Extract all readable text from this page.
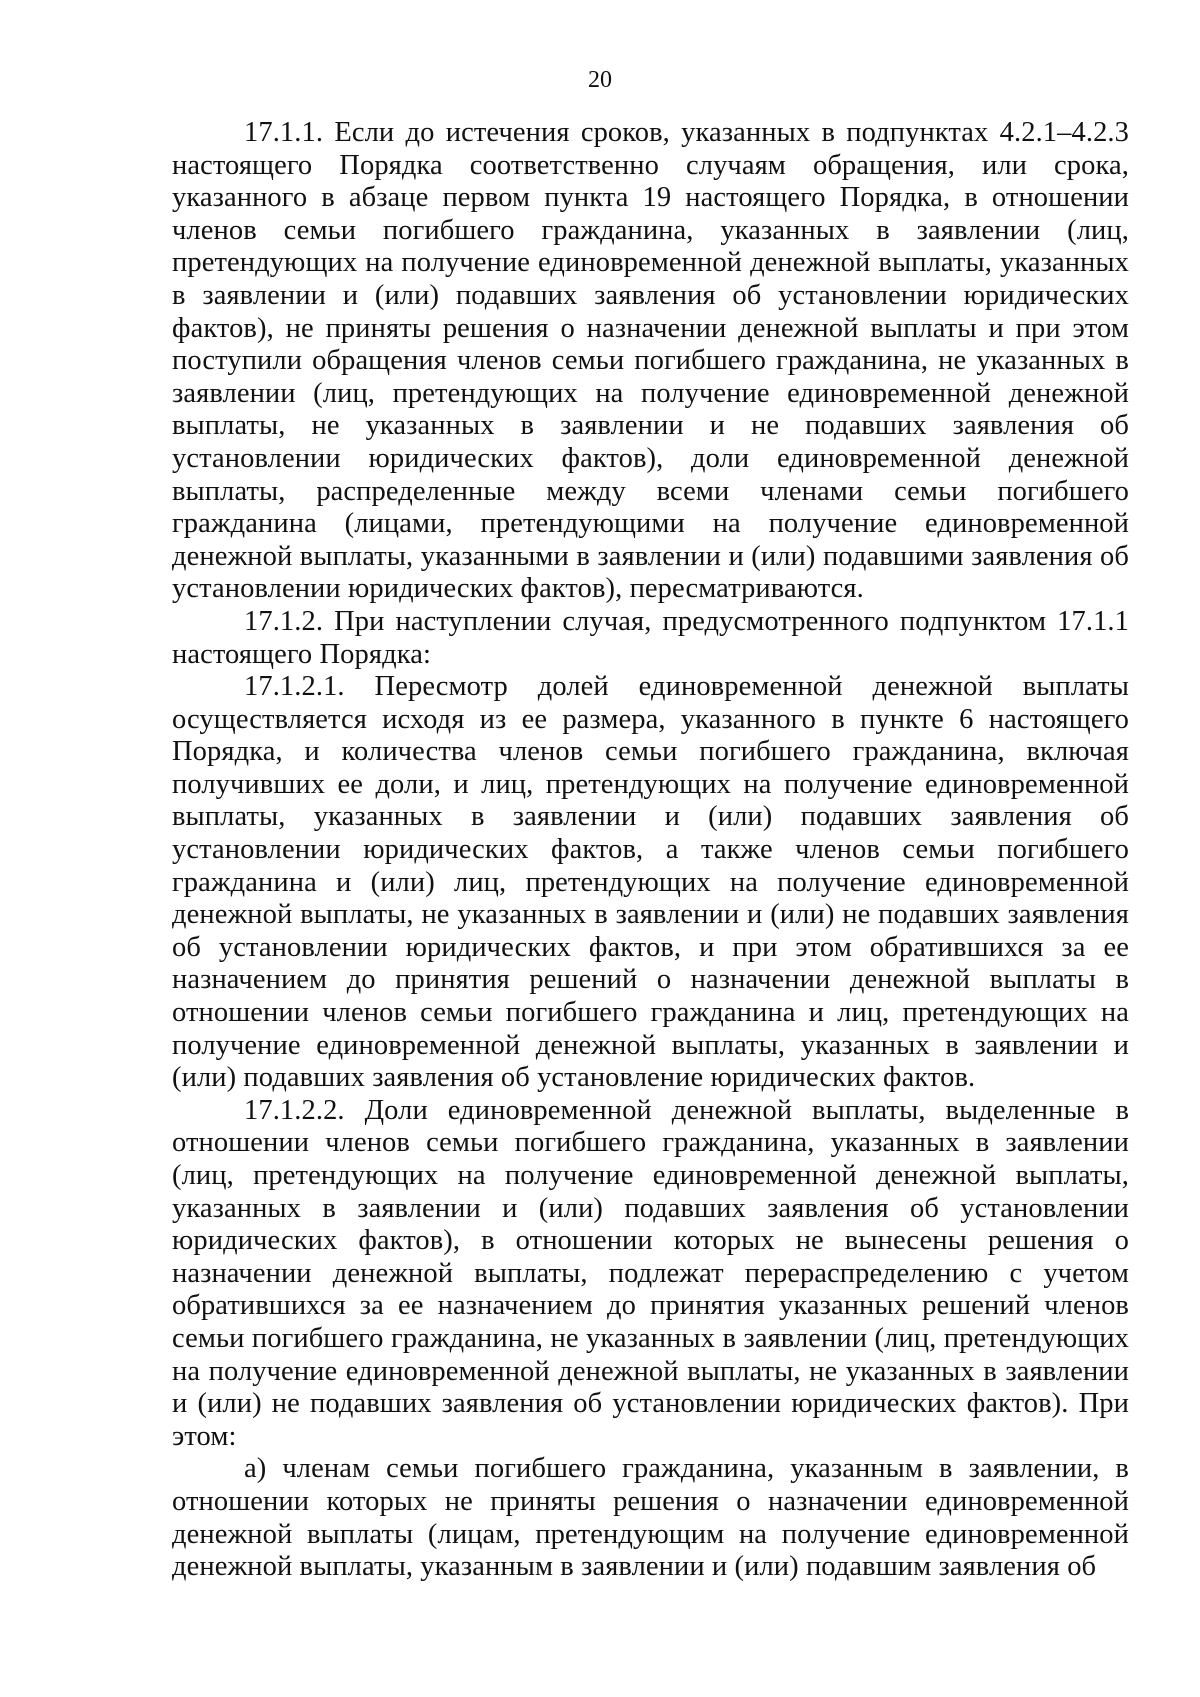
20

17.1.1. Если до истечения сроков, указанных в подпунктах 4.2.1–4.2.3 настоящего Порядка соответственно случаям обращения, или срока, указанного в абзаце первом пункта 19 настоящего Порядка, в отношении членов семьи погибшего гражданина, указанных в заявлении (лиц, претендующих на получение единовременной денежной выплаты, указанных в заявлении и (или) подавших заявления об установлении юридических фактов), не приняты решения о назначении денежной выплаты и при этом поступили обращения членов семьи погибшего гражданина, не указанных в заявлении (лиц, претендующих на получение единовременной денежной выплаты, не указанных в заявлении и не подавших заявления об установлении юридических фактов), доли единовременной денежной выплаты, распределенные между всеми членами семьи погибшего гражданина (лицами, претендующими на получение единовременной денежной выплаты, указанными в заявлении и (или) подавшими заявления об установлении юридических фактов), пересматриваются.

17.1.2. При наступлении случая, предусмотренного подпунктом 17.1.1 настоящего Порядка:

17.1.2.1. Пересмотр долей единовременной денежной выплаты осуществляется исходя из ее размера, указанного в пункте 6 настоящего Порядка, и количества членов семьи погибшего гражданина, включая получивших ее доли, и лиц, претендующих на получение единовременной выплаты, указанных в заявлении и (или) подавших заявления об установлении юридических фактов, а также членов семьи погибшего гражданина и (или) лиц, претендующих на получение единовременной денежной выплаты, не указанных в заявлении и (или) не подавших заявления об установлении юридических фактов, и при этом обратившихся за ее назначением до принятия решений о назначении денежной выплаты в отношении членов семьи погибшего гражданина и лиц, претендующих на получение единовременной денежной выплаты, указанных в заявлении и (или) подавших заявления об установление юридических фактов.

17.1.2.2. Доли единовременной денежной выплаты, выделенные в отношении членов семьи погибшего гражданина, указанных в заявлении (лиц, претендующих на получение единовременной денежной выплаты, указанных в заявлении и (или) подавших заявления об установлении юридических фактов), в отношении которых не вынесены решения о назначении денежной выплаты, подлежат перераспределению с учетом обратившихся за ее назначением до принятия указанных решений членов семьи погибшего гражданина, не указанных в заявлении (лиц, претендующих на получение единовременной денежной выплаты, не указанных в заявлении и (или) не подавших заявления об установлении юридических фактов). При этом:

а) членам семьи погибшего гражданина, указанным в заявлении, в отношении которых не приняты решения о назначении единовременной денежной выплаты (лицам, претендующим на получение единовременной денежной выплаты, указанным в заявлении и (или) подавшим заявления об
